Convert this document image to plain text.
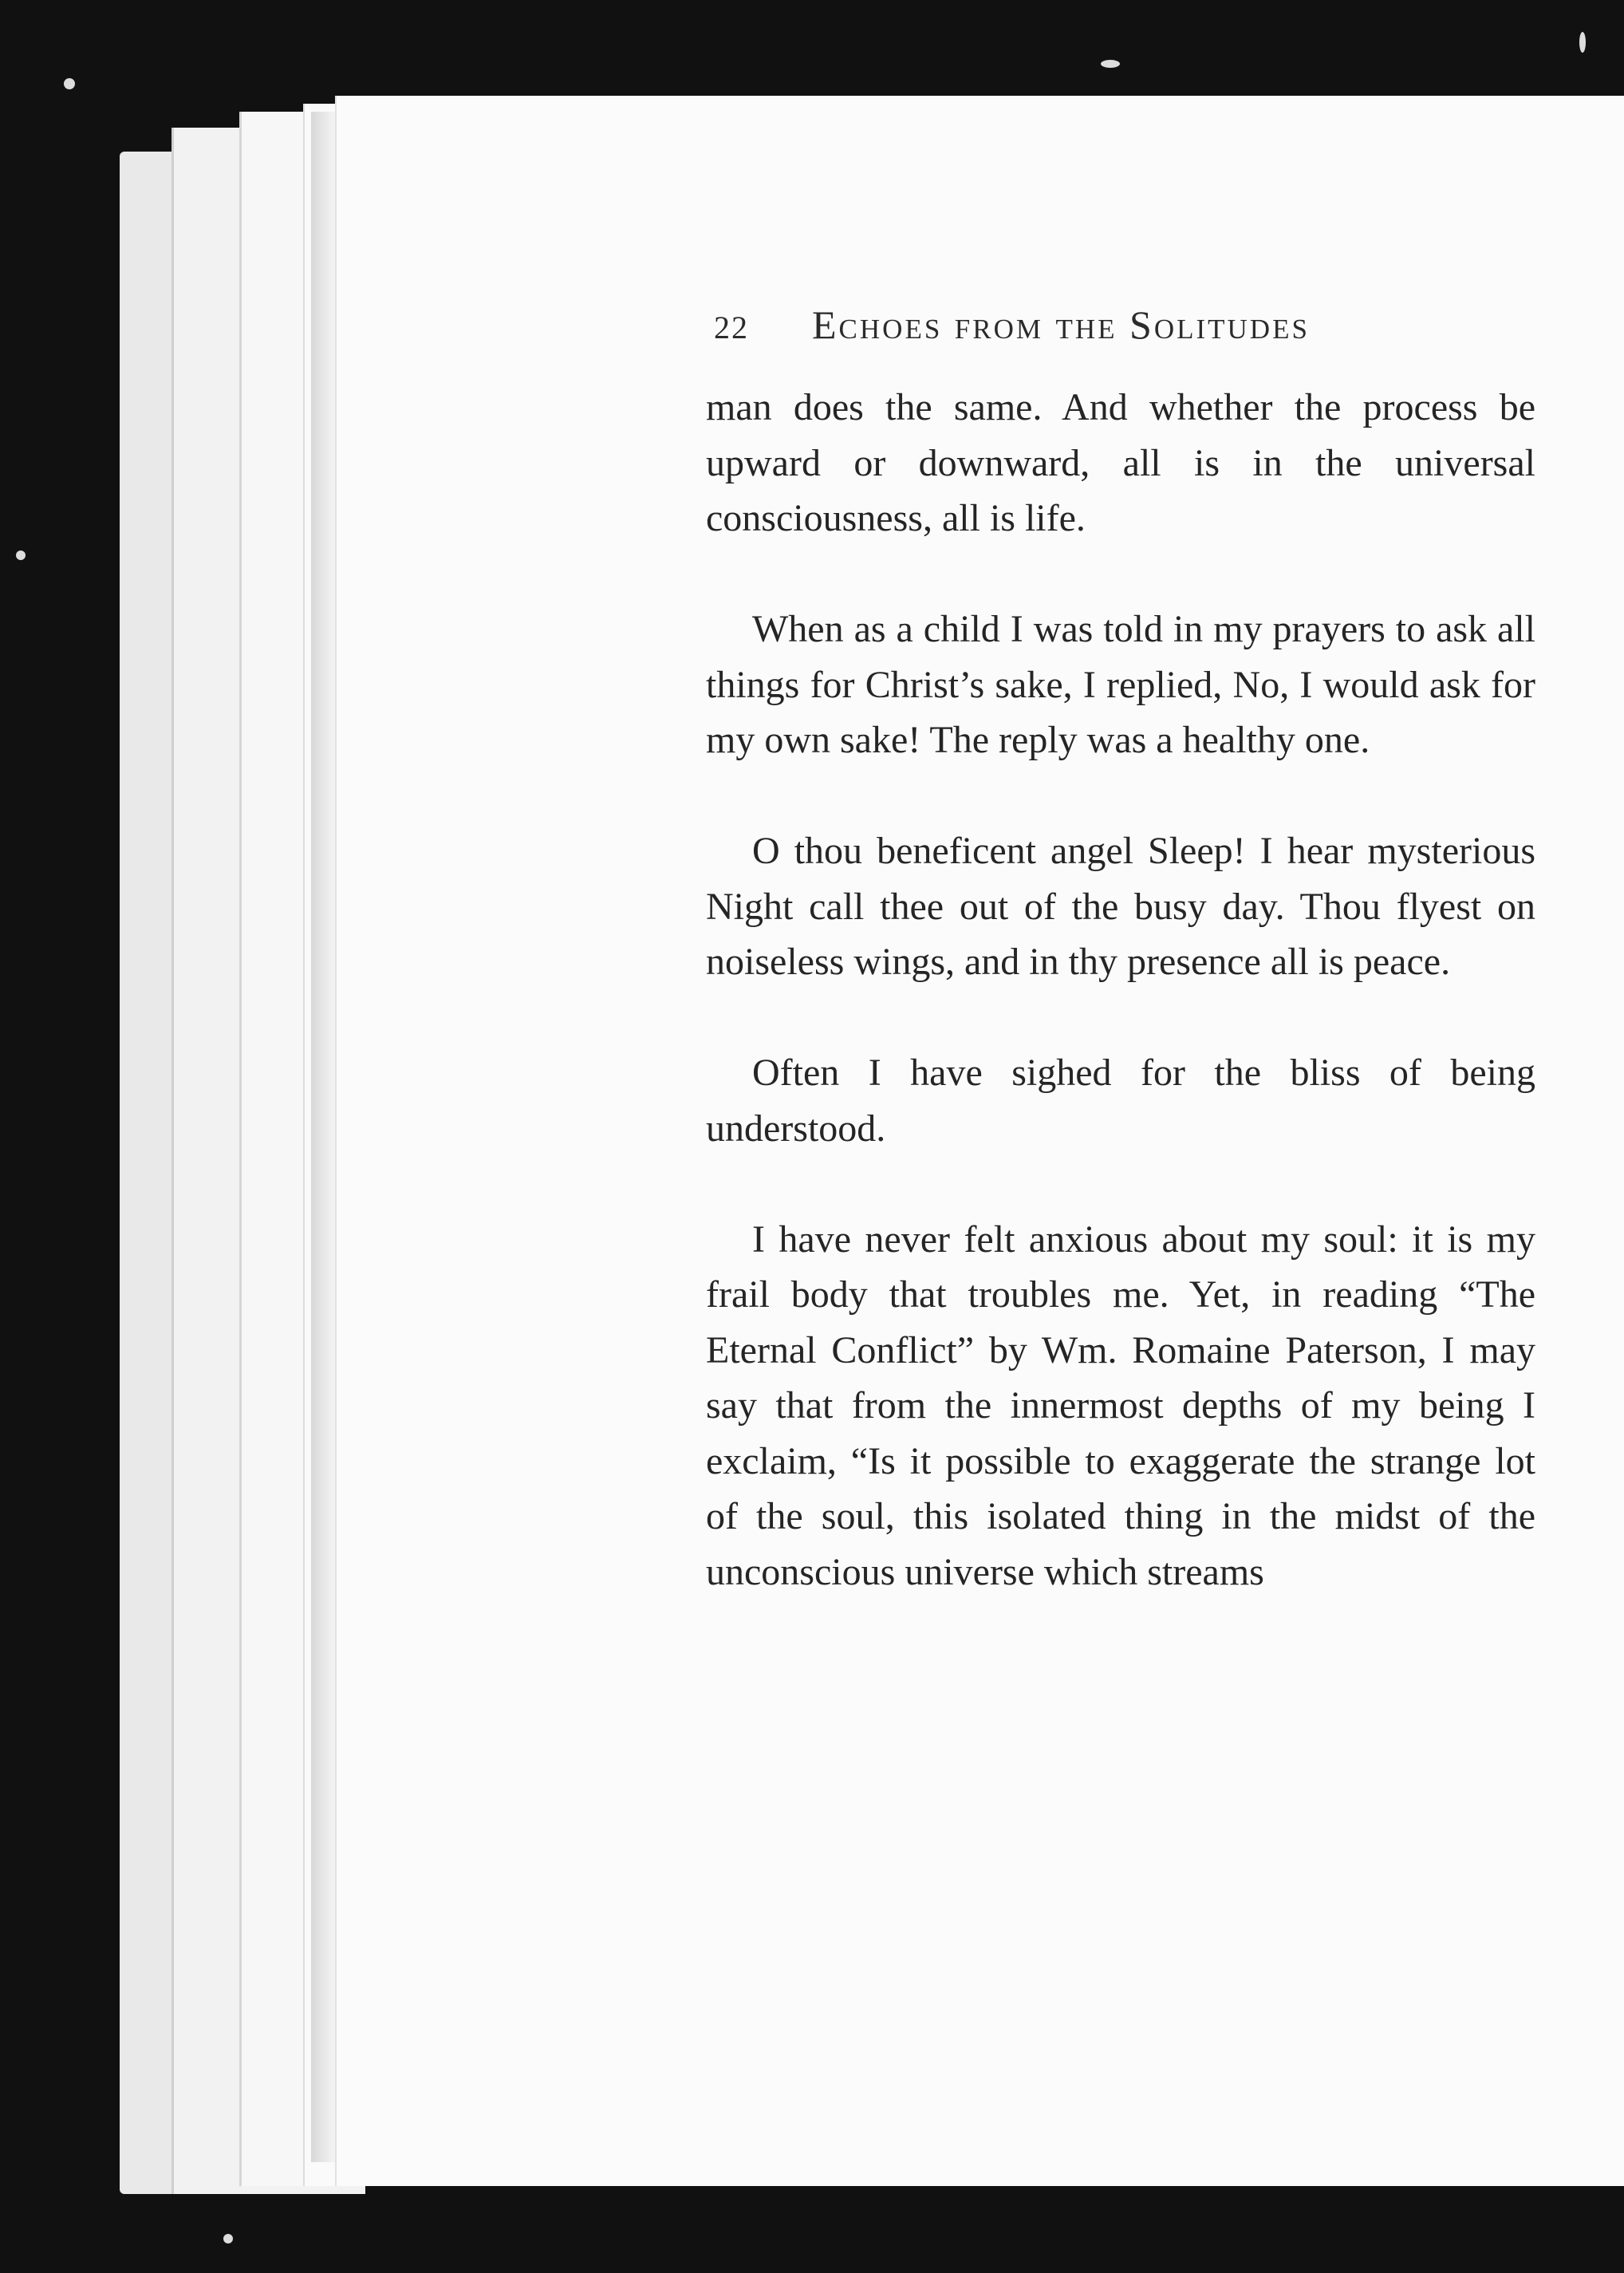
22 Echoes from the Solitudes

man does the same. And whether the process be upward or downward, all is in the universal consciousness, all is life.

When as a child I was told in my prayers to ask all things for Christ’s sake, I replied, No, I would ask for my own sake! The reply was a healthy one.

O thou beneficent angel Sleep! I hear mysterious Night call thee out of the busy day. Thou flyest on noiseless wings, and in thy presence all is peace.

Often I have sighed for the bliss of being understood.

I have never felt anxious about my soul: it is my frail body that troubles me. Yet, in reading “The Eternal Conflict” by Wm. Romaine Paterson, I may say that from the innermost depths of my being I exclaim, “Is it possible to exaggerate the strange lot of the soul, this isolated thing in the midst of the unconscious universe which streams
